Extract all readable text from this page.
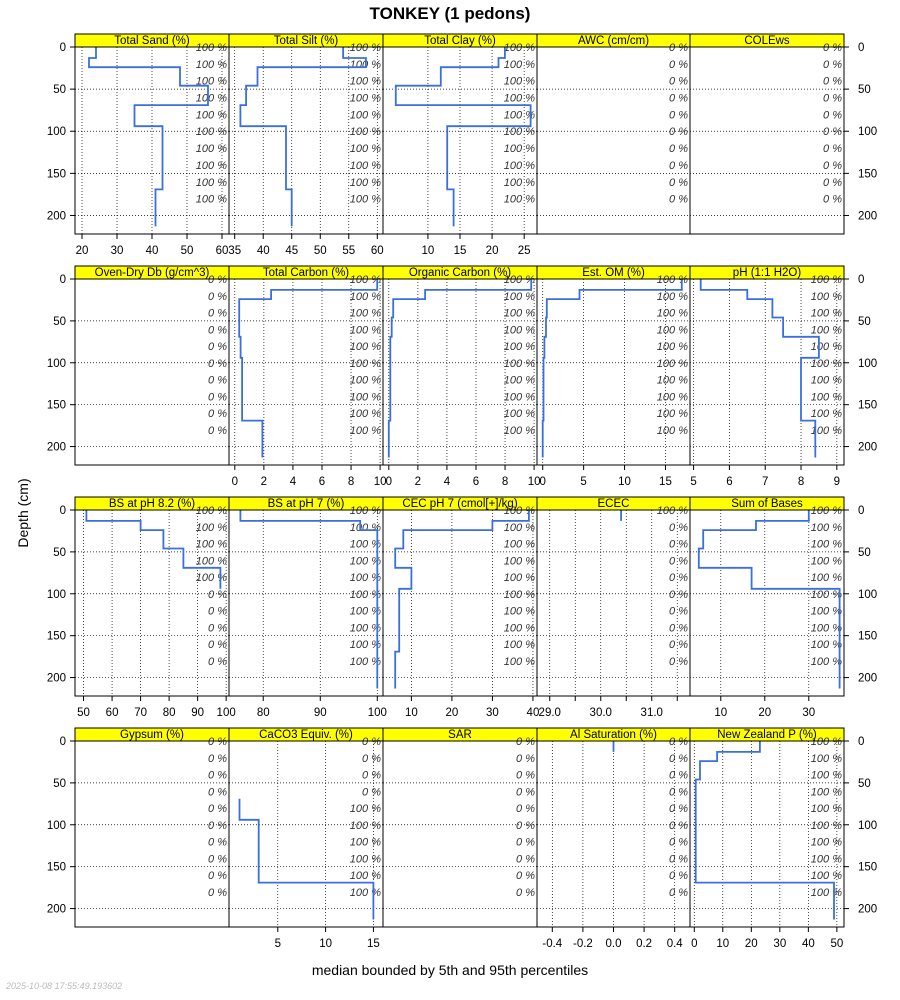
TONKEY (1 pedons)
Depth (cm)
Total Sand (%)
100 %
100 %
100 %
100 %
100 %
100 %
100 %
100 %
100 %
100 %
20 30 40 50 60
Total Silt (%)
100 %
100 %
100 %
100 %
100 %
100 %
100 %
100 %
100 %
100 %
35 40 45 50 55 60
Total Clay (%)
100 %
100 %
100 %
100 %
100 %
100 %
100 %
100 %
100 %
100 %
10 15 20 25
AWC (cm/cm)
0 %
0 %
0 %
0 %
0 %
0 %
0 %
0 %
0 %
0 %
COLEws
0 %
0 %
0 %
0 %
0 %
0 %
0 %
0 %
0 %
0 %
Oven-Dry Db (g/cm^3)
0 %
0 %
0 %
0 %
0 %
0 %
0 %
0 %
0 %
0 %
Total Carbon (%)
100 %
100 %
100 %
100 %
100 %
100 %
100 %
100 %
100 %
100 %
0 2 4 6 8 10
Organic Carbon (%)
100 %
100 %
100 %
100 %
100 %
100 %
100 %
100 %
100 %
100 %
0 2 4 6 8 10
Est. OM (%)
100 %
100 %
100 %
100 %
100 %
100 %
100 %
100 %
100 %
100 %
0	5	10 15
pH (1:1 H2O)
100 %
100 %
100 %
100 %
100 %
100 %
100 %
100 %
100 %
100 %
5	6	7	8	9
BS at pH 8.2 (%)
100 %
100 %
100 %
100 %
100 %
0 %
0 %
0 %
0 %
0 %
50 60 70 80 90 100
BS at pH 7 (%)
100 %
100 %
100 %
100 %
100 %
100 %
100 %
100 %
100 %
100 %
80	90	100
CEC pH 7 (cmol[+]/kg)
100 %
100 %
100 %
100 %
100 %
100 %
100 %
100 %
100 %
100 %
10 20 30 40
ECEC
100 %
0 %
0 %
0 %
0 %
0 %
0 %
0 %
0 %
0 %
29.0 30.0 31.0
Sum of Bases
100 %
100 %
100 %
100 %
100 %
100 %
100 %
100 %
100 %
100 %
10	20	30
Gypsum (%)
0 %
0 %
0 %
0 %
0 %
0 %
0 %
0 %
0 %
0 %
CaCO3 Equiv. (%)
0 %
0 %
0 %
0 %
100 %
100 %
100 %
100 %
100 %
100 %
5	10	15
SAR
0 %
0 %
0 %
0 %
0 %
0 %
0 %
0 %
0 %
0 %
Al Saturation (%)
0 %
0 %
0 %
0 %
0 %
0 %
0 %
0 %
0 %
0 %
-0.4 -0.2 0.0 0.2 0.4
New Zealand P (%)
100 %
100 %
100 %
100 %
100 %
100 %
100 %
100 %
100 %
100 %
0 10 20 30 40 50
0	0
50	50
100	100
150	150
200	200
0	0
50	50
100	100
150	150
200	200
0	0
50	50
100	100
150	150
200	200
0	0
50	50
100	100
150	150
200	200
median bounded by 5th and 95th percentiles
2025-10-08 17:55:49.193602
